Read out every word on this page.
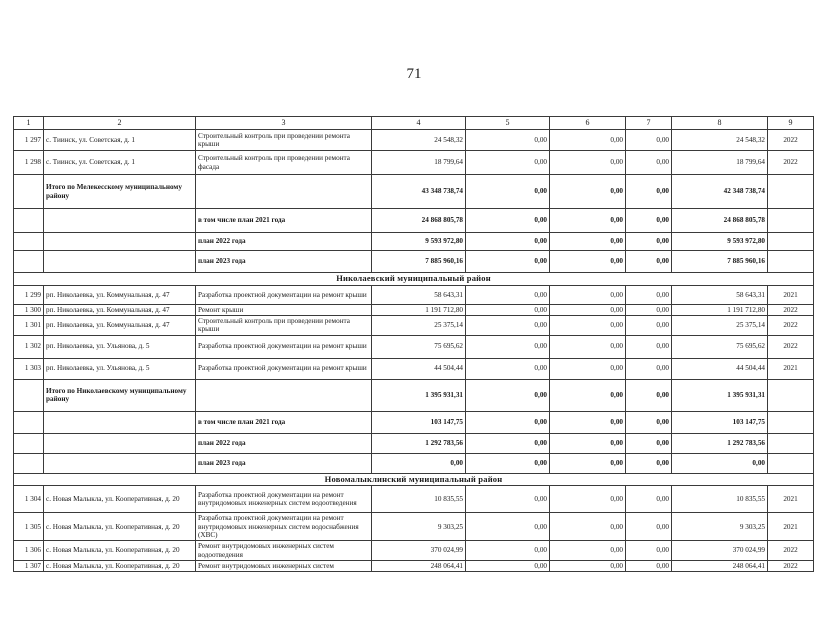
71
1	2	3	4	5	6	7	8	9
1 297	с. Тиинск, ул. Советская, д. 1	Строительный контроль при проведении ремонта крыши	24 548,32	0,00	0,00	0,00	24 548,32	2022
1 298	с. Тиинск, ул. Советская, д. 1	Строительный контроль при проведении ремонта фасада	18 799,64	0,00	0,00	0,00	18 799,64	2022
	Итого по Мелекесскому муниципальному району		43 348 738,74	0,00	0,00	0,00	42 348 738,74	
		в том числе план 2021 года	24 868 805,78	0,00	0,00	0,00	24 868 805,78	
		план 2022 года	9 593 972,80	0,00	0,00	0,00	9 593 972,80	
		план 2023 года	7 885 960,16	0,00	0,00	0,00	7 885 960,16	
Николаевский муниципальный район								
1 299	рп. Николаевка, ул. Коммунальная, д. 47	Разработка проектной документации на ремонт крыши	58 643,31	0,00	0,00	0,00	58 643,31	2021
1 300	рп. Николаевка, ул. Коммунальная, д. 47	Ремонт крыши	1 191 712,80	0,00	0,00	0,00	1 191 712,80	2022
1 301	рп. Николаевка, ул. Коммунальная, д. 47	Строительный контроль при проведении ремонта крыши	25 375,14	0,00	0,00	0,00	25 375,14	2022
1 302	рп. Николаевка, ул. Ульянова, д. 5	Разработка проектной документации на ремонт крыши	75 695,62	0,00	0,00	0,00	75 695,62	2022
1 303	рп. Николаевка, ул. Ульянова, д. 5	Разработка проектной документации на ремонт крыши	44 504,44	0,00	0,00	0,00	44 504,44	2021
	Итого по Николаевскому муниципальному району		1 395 931,31	0,00	0,00	0,00	1 395 931,31	
		в том числе план 2021 года	103 147,75	0,00	0,00	0,00	103 147,75	
		план 2022 года	1 292 783,56	0,00	0,00	0,00	1 292 783,56	
		план 2023 года	0,00	0,00	0,00	0,00	0,00	
Новомалыклинский муниципальный район								
1 304	с. Новая Малыкла, ул. Кооперативная, д. 20	Разработка проектной документации на ремонт внутридомовых инженерных систем водоотведения	10 835,55	0,00	0,00	0,00	10 835,55	2021
1 305	с. Новая Малыкла, ул. Кооперативная, д. 20	Разработка проектной документации на ремонт внутридомовых инженерных систем водоснабжения (ХВС)	9 303,25	0,00	0,00	0,00	9 303,25	2021
1 306	с. Новая Малыкла, ул. Кооперативная, д. 20	Ремонт внутридомовых инженерных систем водоотведения	370 024,99	0,00	0,00	0,00	370 024,99	2022
1 307	с. Новая Малыкла, ул. Кооперативная, д. 20	Ремонт внутридомовых инженерных систем	248 064,41	0,00	0,00	0,00	248 064,41	2022
